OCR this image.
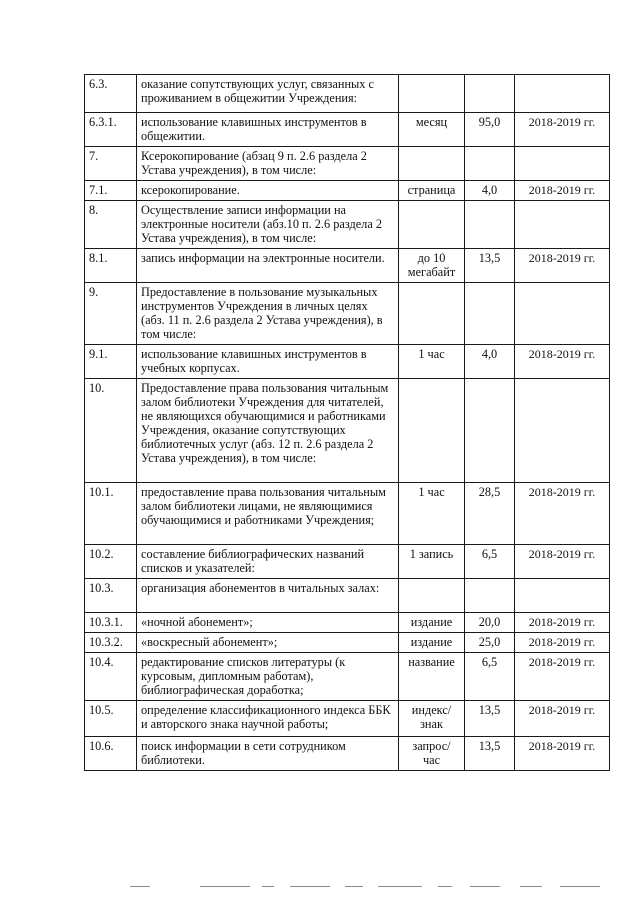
6.3.	оказание сопутствующих услуг, связанных с проживанием в общежитии Учреждения:			
6.3.1.	использование клавишных инструментов в общежитии.	месяц	95,0	2018-2019 гг.
7.	Ксерокопирование (абзац 9 п. 2.6 раздела 2 Устава учреждения), в том числе:			
7.1.	ксерокопирование.	страница	4,0	2018-2019 гг.
8.	Осуществление записи информации на электронные носители (абз.10 п. 2.6 раздела 2 Устава учреждения), в том числе:			
8.1.	запись информации на электронные носители.	до 10 мегабайт	13,5	2018-2019 гг.
9.	Предоставление в пользование музыкальных инструментов Учреждения в личных целях (абз. 11 п. 2.6 раздела 2 Устава учреждения), в том числе:			
9.1.	использование клавишных инструментов в учебных корпусах.	1 час	4,0	2018-2019 гг.
10.	Предоставление права пользования читальным залом библиотеки Учреждения для читателей, не являющихся обучающимися и работниками Учреждения, оказание сопутствующих библиотечных услуг (абз. 12 п. 2.6 раздела 2 Устава учреждения), в том числе:			
10.1.	предоставление права пользования читальным залом библиотеки лицами, не являющимися обучающимися и работниками Учреждения;	1 час	28,5	2018-2019 гг.
10.2.	составление библиографических названий списков и указателей:	1 запись	6,5	2018-2019 гг.
10.3.	организация абонементов в читальных залах:			
10.3.1.	«ночной абонемент»;	издание	20,0	2018-2019 гг.
10.3.2.	«воскресный абонемент»;	издание	25,0	2018-2019 гг.
10.4.	редактирование списков литературы (к курсовым, дипломным работам), библиографическая доработка;	название	6,5	2018-2019 гг.
10.5.	определение классификационного индекса ББК и авторского знака научной работы;	индекс/ знак	13,5	2018-2019 гг.
10.6.	поиск информации в сети сотрудником библиотеки.	запрос/ час	13,5	2018-2019 гг.
